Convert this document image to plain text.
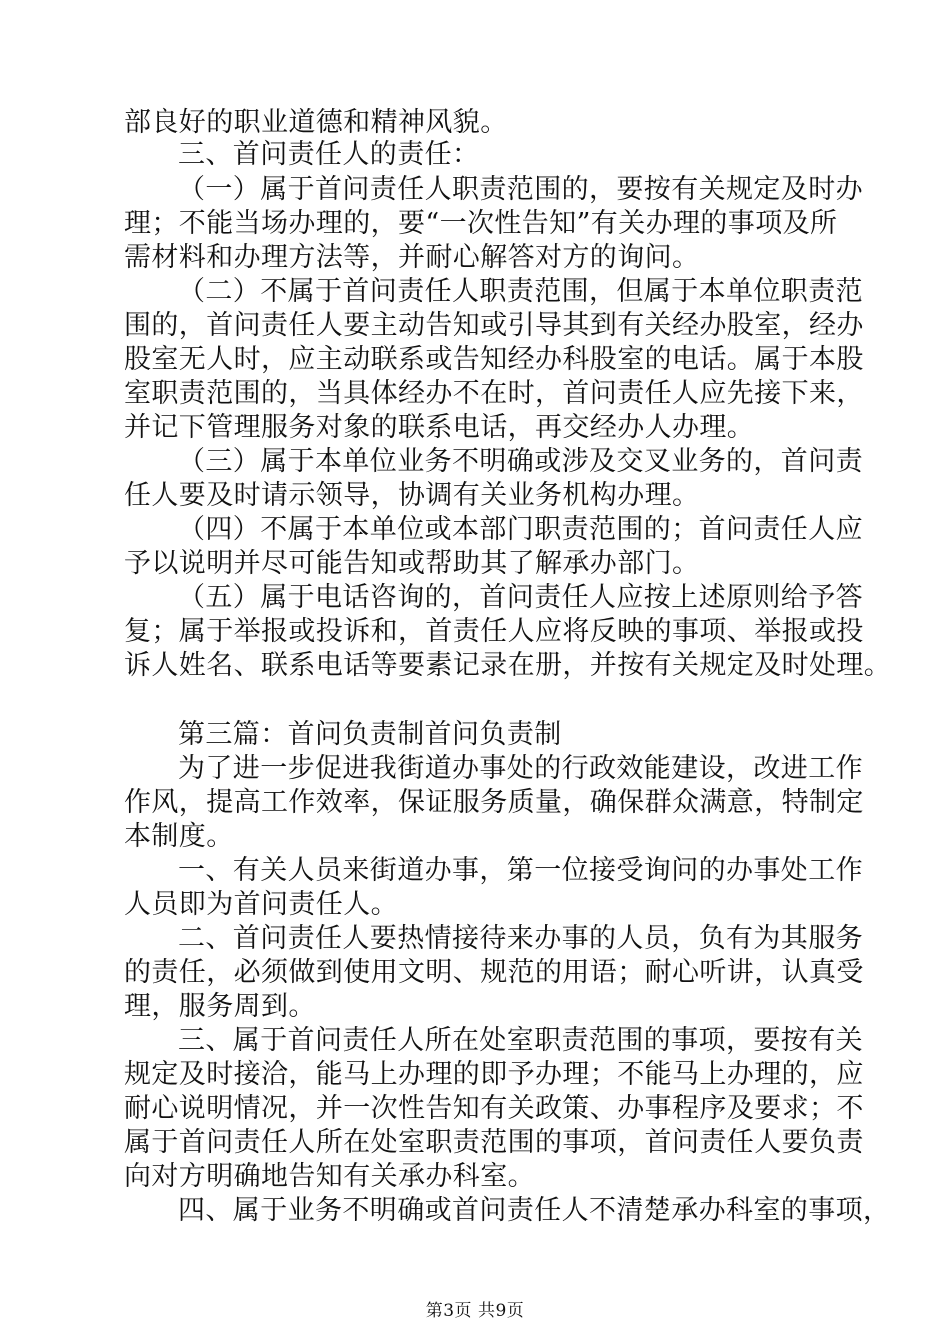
部良好的职业道德和精神风貌。
三、首问责任人的责任：
（一）属于首问责任人职责范围的，要按有关规定及时办
理；不能当场办理的，要“一次性告知”有关办理的事项及所
需材料和办理方法等，并耐心解答对方的询问。
（二）不属于首问责任人职责范围，但属于本单位职责范
围的，首问责任人要主动告知或引导其到有关经办股室，经办
股室无人时，应主动联系或告知经办科股室的电话。属于本股
室职责范围的，当具体经办不在时，首问责任人应先接下来，
并记下管理服务对象的联系电话，再交经办人办理。
（三）属于本单位业务不明确或涉及交叉业务的，首问责
任人要及时请示领导，协调有关业务机构办理。
（四）不属于本单位或本部门职责范围的；首问责任人应
予以说明并尽可能告知或帮助其了解承办部门。
（五）属于电话咨询的，首问责任人应按上述原则给予答
复；属于举报或投诉和，首责任人应将反映的事项、举报或投
诉人姓名、联系电话等要素记录在册，并按有关规定及时处理。
第三篇：首问负责制首问负责制
为了进一步促进我街道办事处的行政效能建设，改进工作
作风，提高工作效率，保证服务质量，确保群众满意，特制定
本制度。
一、有关人员来街道办事，第一位接受询问的办事处工作
人员即为首问责任人。
二、首问责任人要热情接待来办事的人员，负有为其服务
的责任，必须做到使用文明、规范的用语；耐心听讲，认真受
理，服务周到。
三、属于首问责任人所在处室职责范围的事项，要按有关
规定及时接洽，能马上办理的即予办理；不能马上办理的，应
耐心说明情况，并一次性告知有关政策、办事程序及要求；不
属于首问责任人所在处室职责范围的事项，首问责任人要负责
向对方明确地告知有关承办科室。
四、属于业务不明确或首问责任人不清楚承办科室的事项，
第3页 共9页
